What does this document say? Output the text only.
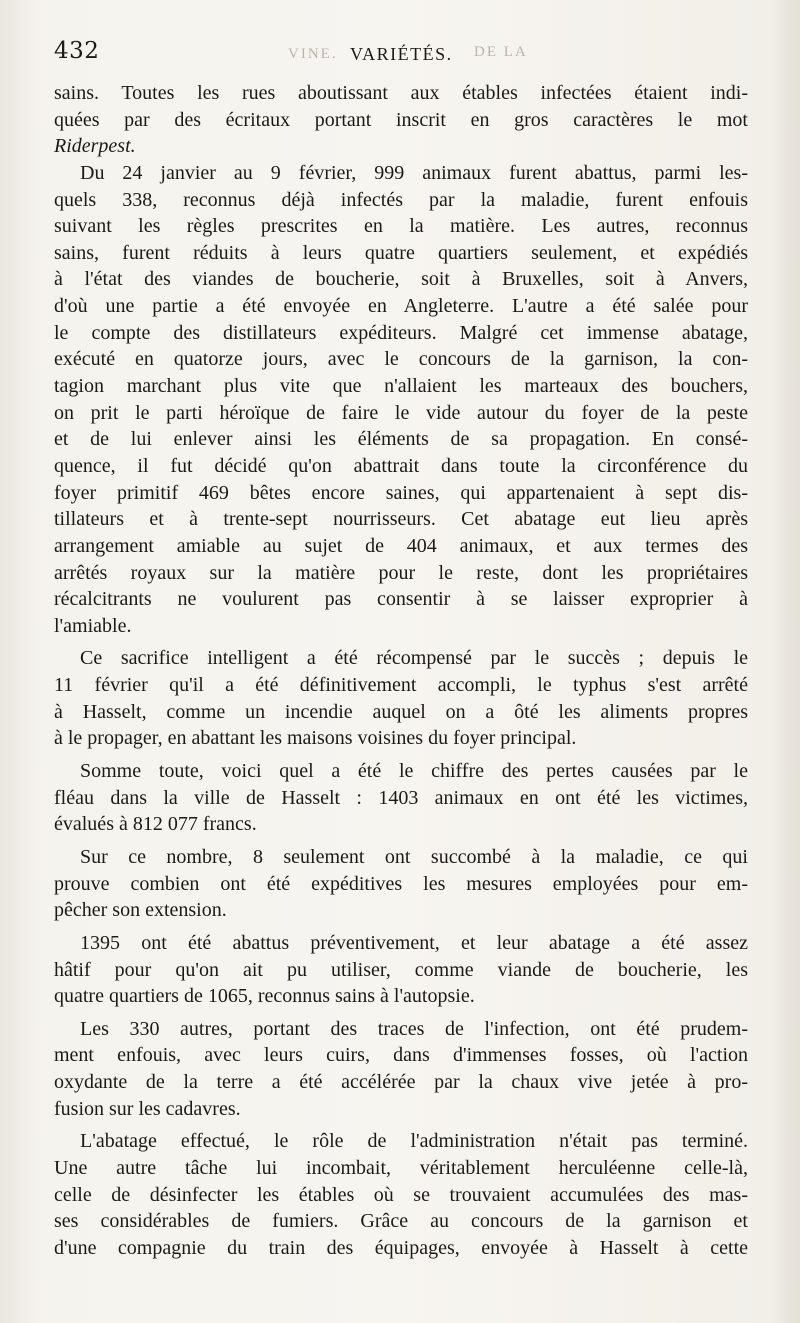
432	VARIÉTÉS.
VINE.	DE LA
sains. Toutes les rues aboutissant aux étables infectées étaient indi-
quées par des écritaux portant inscrit en gros caractères le mot
Riderpest.
Du 24 janvier au 9 février, 999 animaux furent abattus, parmi les-
quels 338, reconnus déjà infectés par la maladie, furent enfouis
suivant les règles prescrites en la matière. Les autres, reconnus
sains, furent réduits à leurs quatre quartiers seulement, et expédiés
à l'état des viandes de boucherie, soit à Bruxelles, soit à Anvers,
d'où une partie a été envoyée en Angleterre. L'autre a été salée pour
le compte des distillateurs expéditeurs. Malgré cet immense abatage,
exécuté en quatorze jours, avec le concours de la garnison, la con-
tagion marchant plus vite que n'allaient les marteaux des bouchers,
on prit le parti héroïque de faire le vide autour du foyer de la peste
et de lui enlever ainsi les éléments de sa propagation. En consé-
quence, il fut décidé qu'on abattrait dans toute la circonférence du
foyer primitif 469 bêtes encore saines, qui appartenaient à sept dis-
tillateurs et à trente-sept nourrisseurs. Cet abatage eut lieu après
arrangement amiable au sujet de 404 animaux, et aux termes des
arrêtés royaux sur la matière pour le reste, dont les propriétaires
récalcitrants ne voulurent pas consentir à se laisser exproprier à
l'amiable.
Ce sacrifice intelligent a été récompensé par le succès ; depuis le
11 février qu'il a été définitivement accompli, le typhus s'est arrêté
à Hasselt, comme un incendie auquel on a ôté les aliments propres
à le propager, en abattant les maisons voisines du foyer principal.
Somme toute, voici quel a été le chiffre des pertes causées par le
fléau dans la ville de Hasselt : 1403 animaux en ont été les victimes,
évalués à 812 077 francs.
Sur ce nombre, 8 seulement ont succombé à la maladie, ce qui
prouve combien ont été expéditives les mesures employées pour em-
pêcher son extension.
1395 ont été abattus préventivement, et leur abatage a été assez
hâtif pour qu'on ait pu utiliser, comme viande de boucherie, les
quatre quartiers de 1065, reconnus sains à l'autopsie.
Les 330 autres, portant des traces de l'infection, ont été prudem-
ment enfouis, avec leurs cuirs, dans d'immenses fosses, où l'action
oxydante de la terre a été accélérée par la chaux vive jetée à pro-
fusion sur les cadavres.
L'abatage effectué, le rôle de l'administration n'était pas terminé.
Une autre tâche lui incombait, véritablement herculéenne celle-là,
celle de désinfecter les étables où se trouvaient accumulées des mas-
ses considérables de fumiers. Grâce au concours de la garnison et
d'une compagnie du train des équipages, envoyée à Hasselt à cette
